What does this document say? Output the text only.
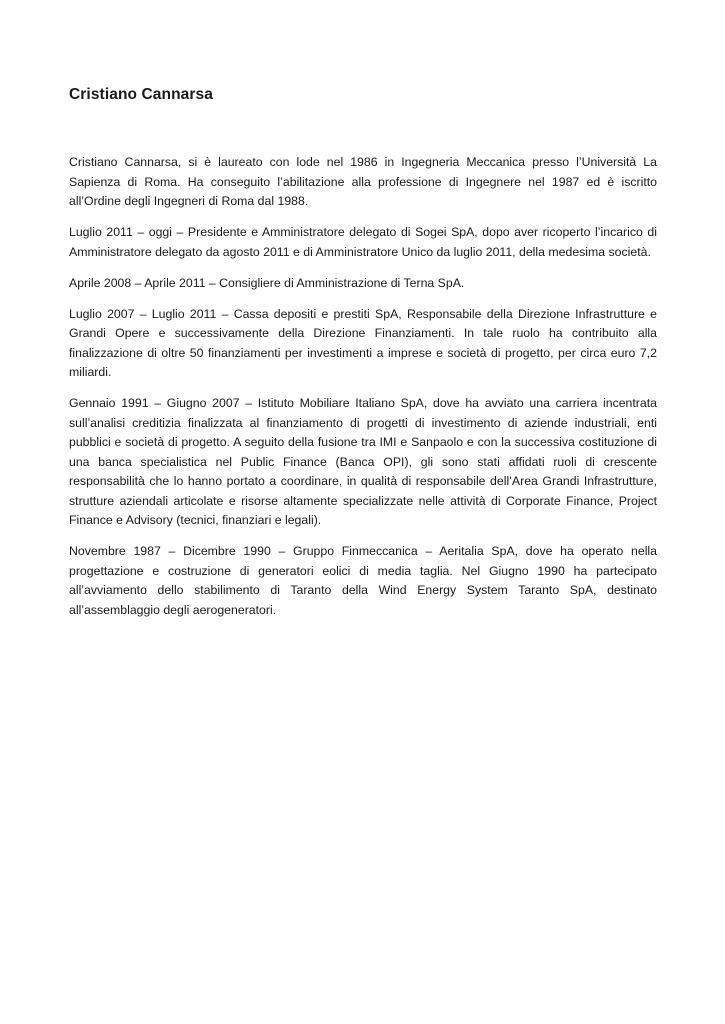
Cristiano Cannarsa

Cristiano Cannarsa, si è laureato con lode nel 1986 in Ingegneria Meccanica presso l’Università La Sapienza di Roma. Ha conseguito l’abilitazione alla professione di Ingegnere nel 1987 ed è iscritto all’Ordine degli Ingegneri di Roma dal 1988.

Luglio 2011 – oggi – Presidente e Amministratore delegato di Sogei SpA, dopo aver ricoperto l’incarico di Amministratore delegato da agosto 2011 e di Amministratore Unico da luglio 2011, della medesima società.

Aprile 2008 – Aprile 2011 – Consigliere di Amministrazione di Terna SpA.

Luglio 2007 – Luglio 2011 – Cassa depositi e prestiti SpA, Responsabile della Direzione Infrastrutture e Grandi Opere e successivamente della Direzione Finanziamenti. In tale ruolo ha contribuito alla finalizzazione di oltre 50 finanziamenti per investimenti a imprese e società di progetto, per circa euro 7,2 miliardi.

Gennaio 1991 – Giugno 2007 – Istituto Mobiliare Italiano SpA, dove ha avviato una carriera incentrata sull’analisi creditizia finalizzata al finanziamento di progetti di investimento di aziende industriali, enti pubblici e società di progetto. A seguito della fusione tra IMI e Sanpaolo e con la successiva costituzione di una banca specialistica nel Public Finance (Banca OPI), gli sono stati affidati ruoli di crescente responsabilità che lo hanno portato a coordinare, in qualità di responsabile dell’Area Grandi Infrastrutture, strutture aziendali articolate e risorse altamente specializzate nelle attività di Corporate Finance, Project Finance e Advisory (tecnici, finanziari e legali).

Novembre 1987 – Dicembre 1990 – Gruppo Finmeccanica – Aeritalia SpA, dove ha operato nella progettazione e costruzione di generatori eolici di media taglia. Nel Giugno 1990 ha partecipato all’avviamento dello stabilimento di Taranto della Wind Energy System Taranto SpA, destinato all’assemblaggio degli aerogeneratori.
